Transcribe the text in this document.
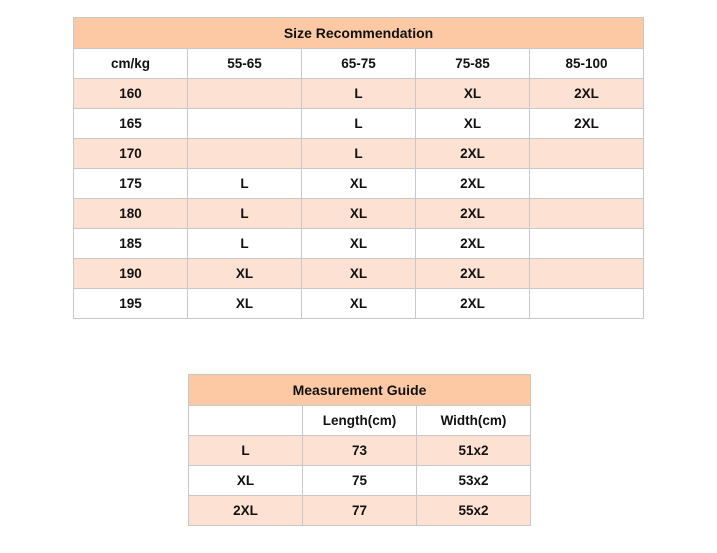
Size Recommendation				
cm/kg	55-65	65-75	75-85	85-100
160		L	XL	2XL
165		L	XL	2XL
170		L	2XL	
175	L	XL	2XL	
180	L	XL	2XL	
185	L	XL	2XL	
190	XL	XL	2XL	
195	XL	XL	2XL	
Measurement Guide		
	Length(cm)	Width(cm)
L	73	51x2
XL	75	53x2
2XL	77	55x2
